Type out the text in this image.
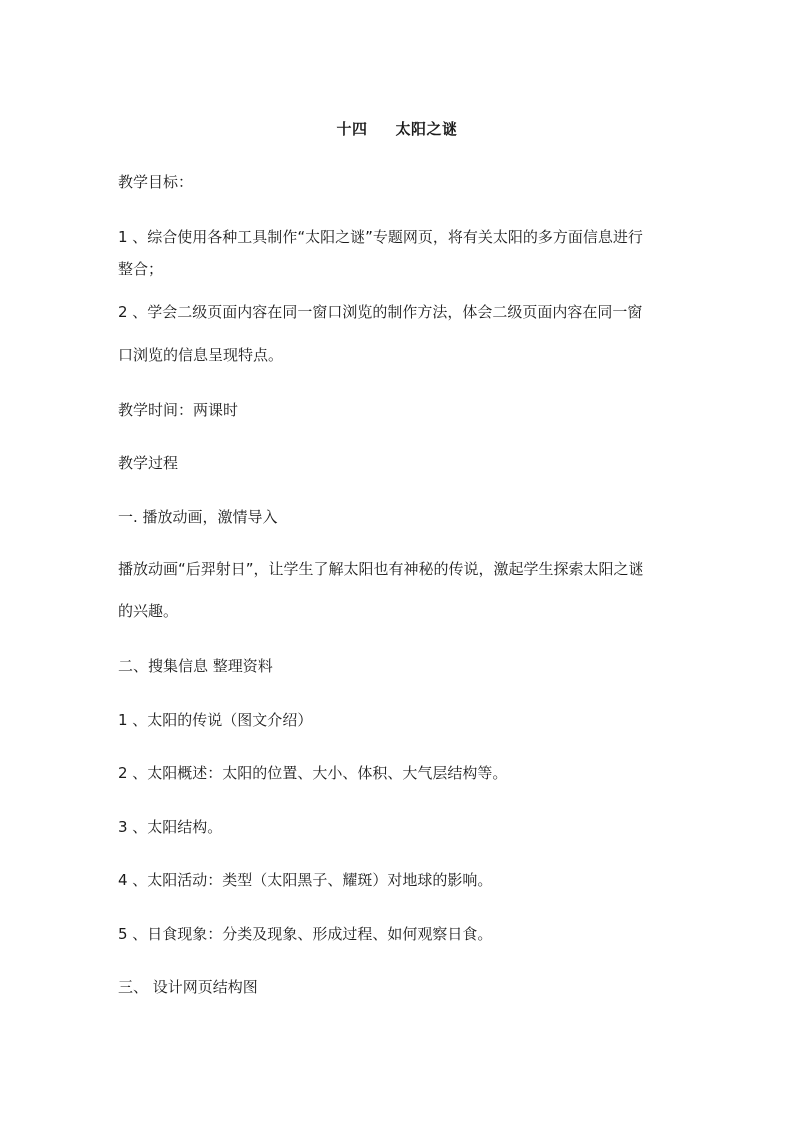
十四 太阳之谜
教学目标：
1 、综合使用各种工具制作“太阳之谜”专题网页，将有关太阳的多方面信息进行
整合；
2 、学会二级页面内容在同一窗口浏览的制作方法，体会二级页面内容在同一窗
口浏览的信息呈现特点。
教学时间：两课时
教学过程
一. 播放动画，激情导入
播放动画“后羿射日”，让学生了解太阳也有神秘的传说，激起学生探索太阳之谜
的兴趣。
二、搜集信息 整理资料
1 、太阳的传说（图文介绍）
2 、太阳概述：太阳的位置、大小、体积、大气层结构等。
3 、太阳结构。
4 、太阳活动：类型（太阳黑子、耀斑）对地球的影响。
5 、日食现象：分类及现象、形成过程、如何观察日食。
三、 设计网页结构图
